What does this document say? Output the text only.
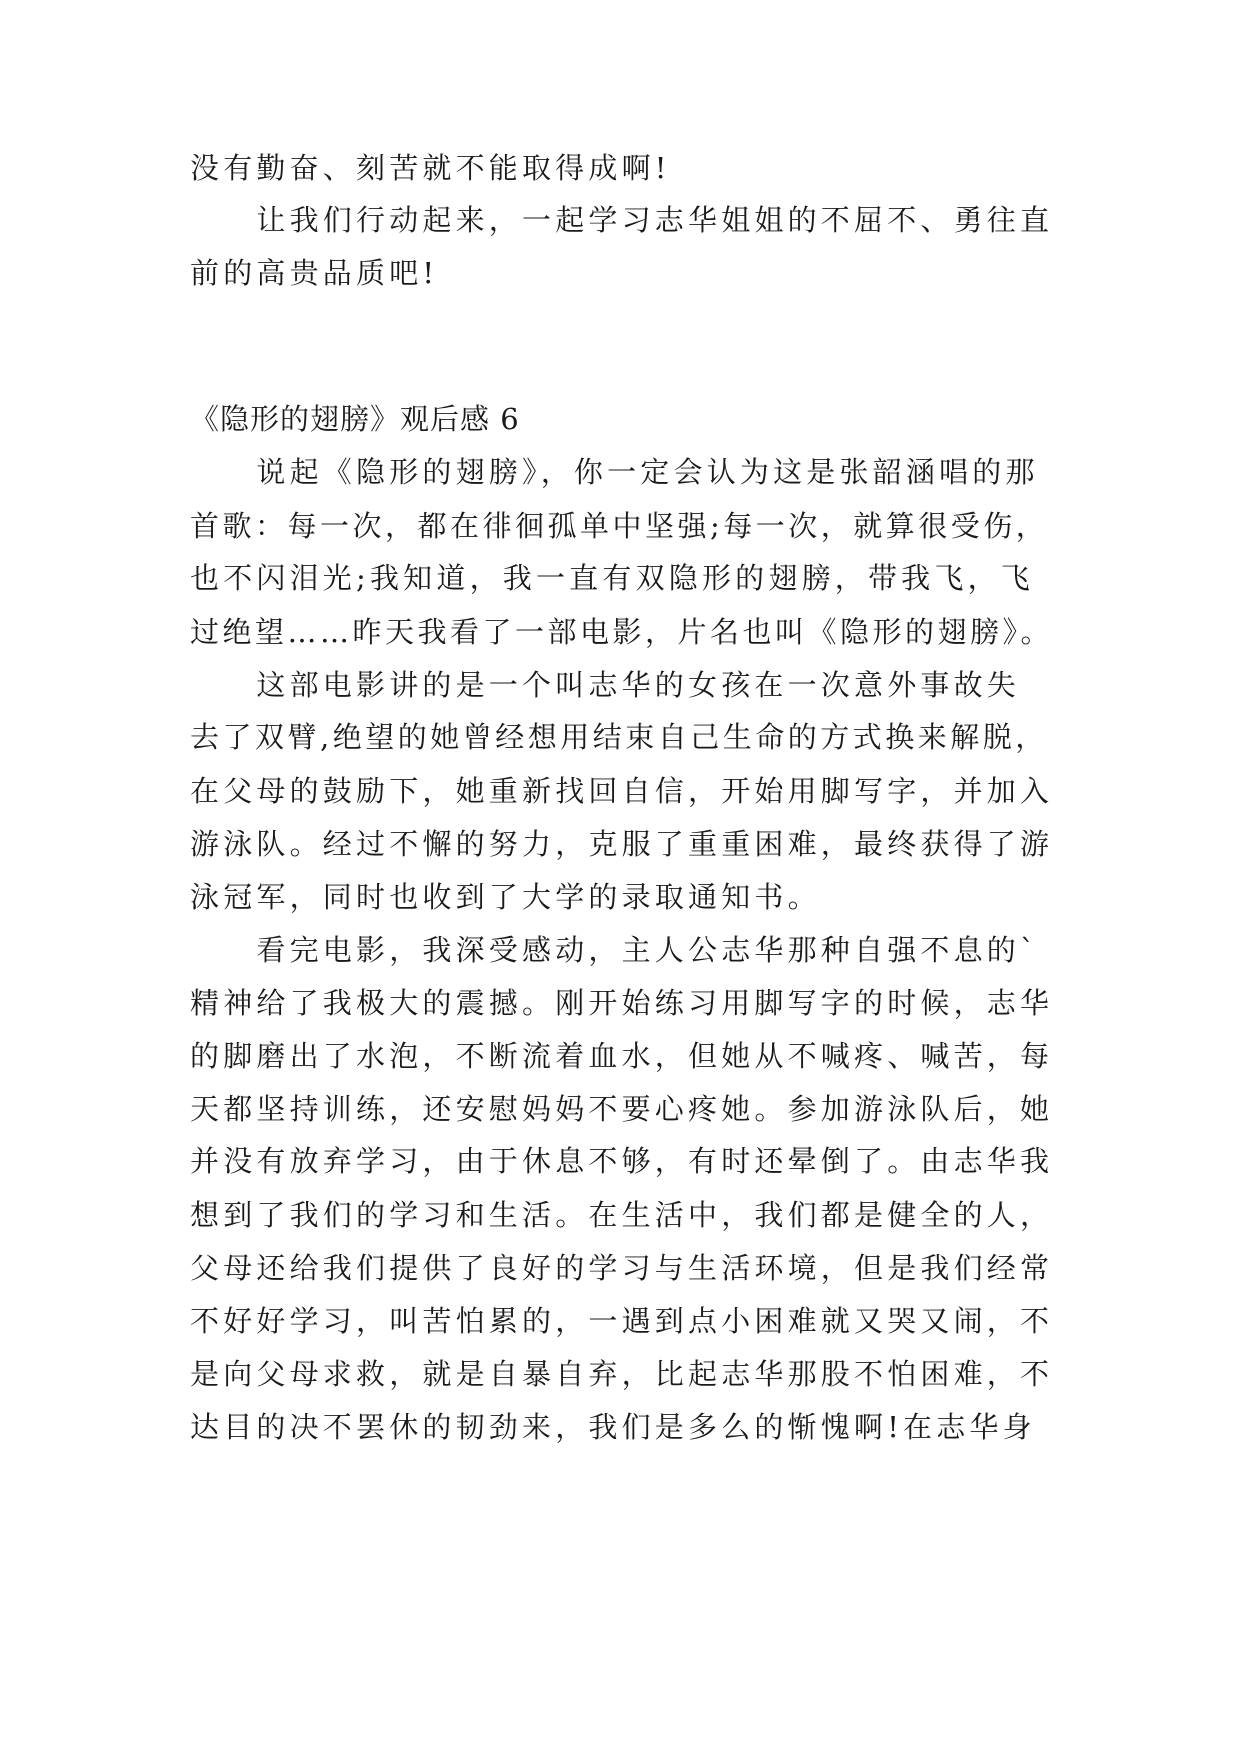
没有勤奋、刻苦就不能取得成啊!
　　让我们行动起来，一起学习志华姐姐的不屈不、勇往直
前的高贵品质吧!
《隐形的翅膀》观后感 6
　　说起《隐形的翅膀》，你一定会认为这是张韶涵唱的那
首歌：每一次，都在徘徊孤单中坚强;每一次，就算很受伤，
也不闪泪光;我知道，我一直有双隐形的翅膀，带我飞，飞
过绝望……昨天我看了一部电影，片名也叫《隐形的翅膀》。
　　这部电影讲的是一个叫志华的女孩在一次意外事故失
去了双臂,绝望的她曾经想用结束自己生命的方式换来解脱，
在父母的鼓励下，她重新找回自信，开始用脚写字，并加入
游泳队。经过不懈的努力，克服了重重困难，最终获得了游
泳冠军，同时也收到了大学的录取通知书。
　　看完电影，我深受感动，主人公志华那种自强不息的`
精神给了我极大的震撼。刚开始练习用脚写字的时候，志华
的脚磨出了水泡，不断流着血水，但她从不喊疼、喊苦，每
天都坚持训练，还安慰妈妈不要心疼她。参加游泳队后，她
并没有放弃学习，由于休息不够，有时还晕倒了。由志华我
想到了我们的学习和生活。在生活中，我们都是健全的人，
父母还给我们提供了良好的学习与生活环境，但是我们经常
不好好学习，叫苦怕累的，一遇到点小困难就又哭又闹，不
是向父母求救，就是自暴自弃，比起志华那股不怕困难，不
达目的决不罢休的韧劲来，我们是多么的惭愧啊!在志华身
